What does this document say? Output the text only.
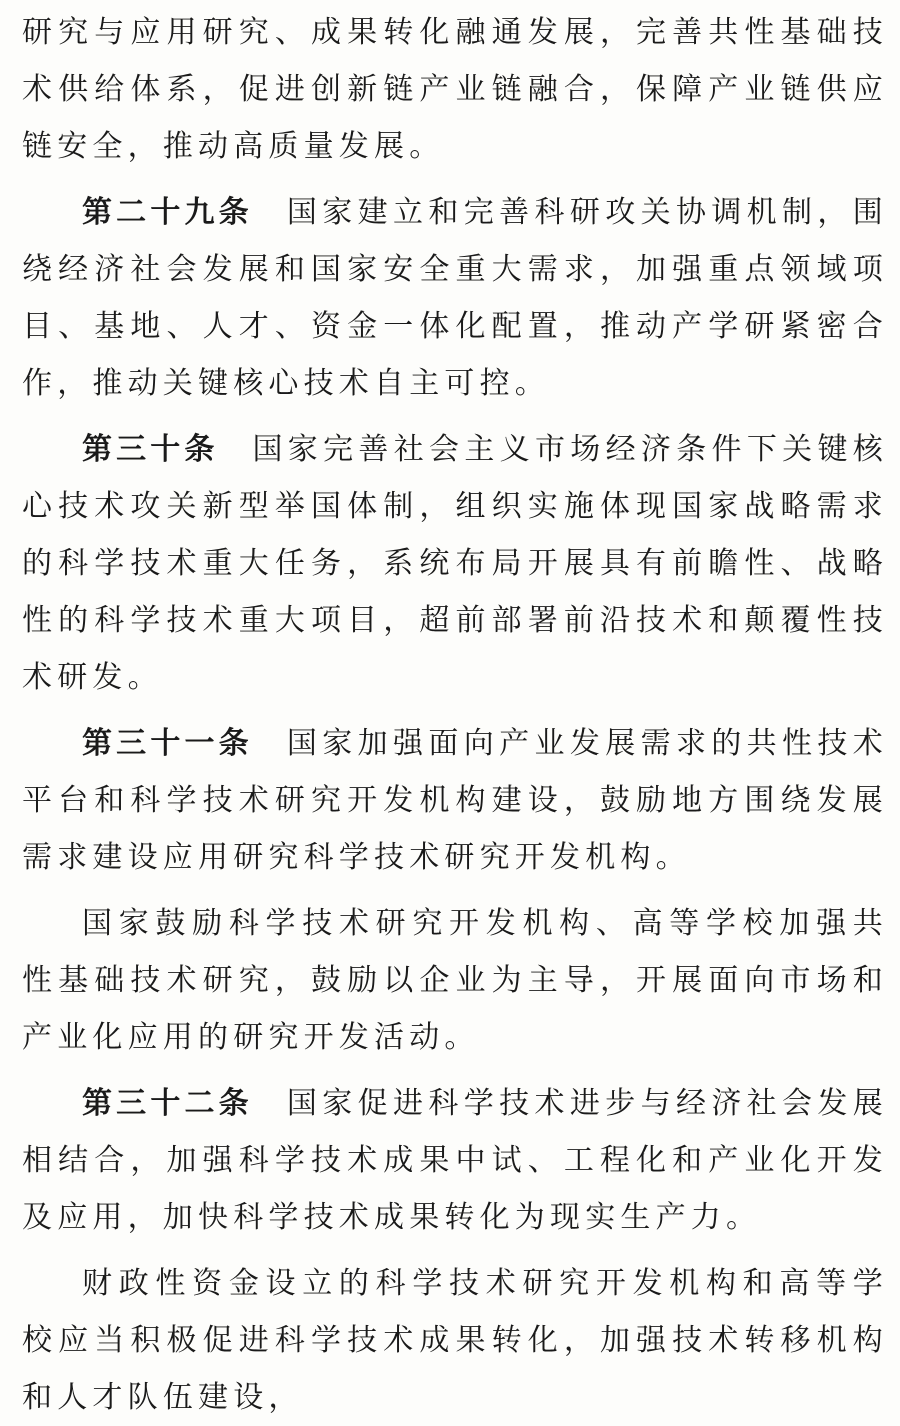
研究与应用研究、成果转化融通发展，完善共性基础技术供给体系，促进创新链产业链融合，保障产业链供应链安全，推动高质量发展。

第二十九条 国家建立和完善科研攻关协调机制，围绕经济社会发展和国家安全重大需求，加强重点领域项目、基地、人才、资金一体化配置，推动产学研紧密合作，推动关键核心技术自主可控。

第三十条 国家完善社会主义市场经济条件下关键核心技术攻关新型举国体制，组织实施体现国家战略需求的科学技术重大任务，系统布局开展具有前瞻性、战略性的科学技术重大项目，超前部署前沿技术和颠覆性技术研发。

第三十一条 国家加强面向产业发展需求的共性技术平台和科学技术研究开发机构建设，鼓励地方围绕发展需求建设应用研究科学技术研究开发机构。

国家鼓励科学技术研究开发机构、高等学校加强共性基础技术研究，鼓励以企业为主导，开展面向市场和产业化应用的研究开发活动。

第三十二条 国家促进科学技术进步与经济社会发展相结合，加强科学技术成果中试、工程化和产业化开发及应用，加快科学技术成果转化为现实生产力。

财政性资金设立的科学技术研究开发机构和高等学校应当积极促进科学技术成果转化，加强技术转移机构和人才队伍建设，
